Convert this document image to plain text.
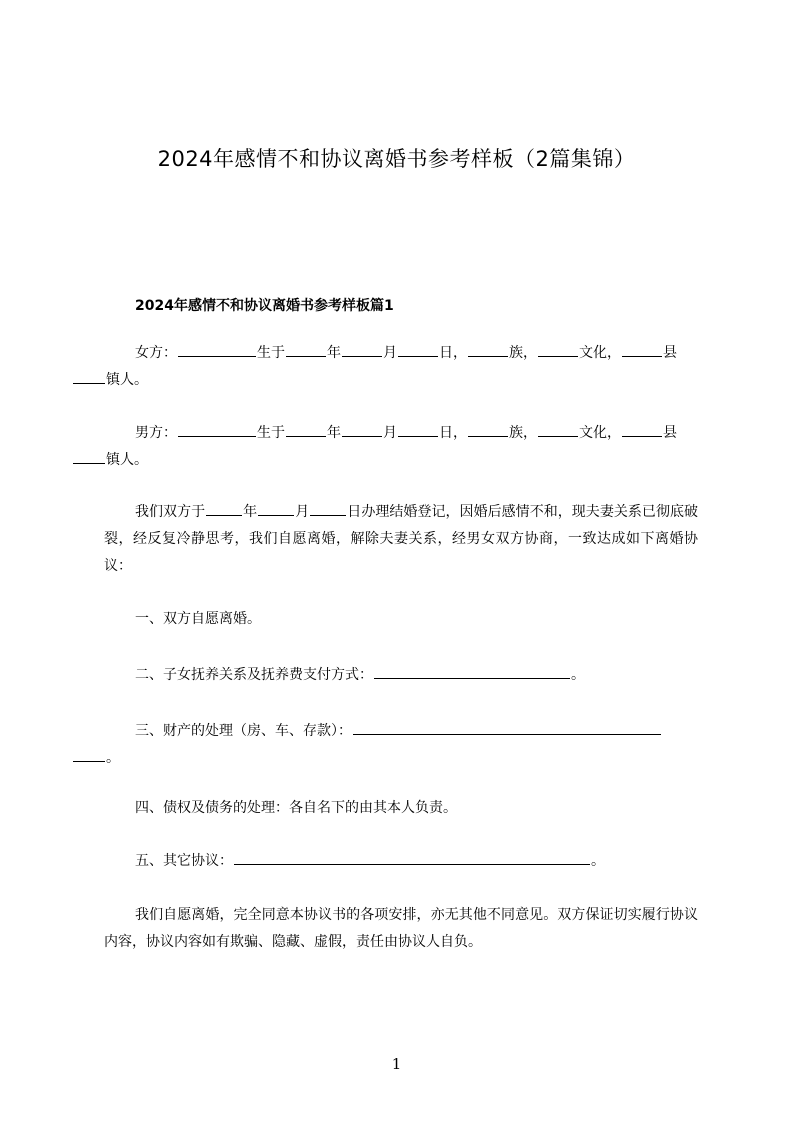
2024年感情不和协议离婚书参考样板（2篇集锦）
2024年感情不和协议离婚书参考样板篇1

女方：	生于	年	月	日，	族，	文化，	县
镇人。

男方：	生于	年	月	日，	族，	文化，	县
镇人。

我们双方于	年	月	日办理结婚登记，因婚后感情不和，现夫妻关系已彻底破裂，经反复冷静思考，我们自愿离婚，解除夫妻关系，经男女双方协商，一致达成如下离婚协议：

一、双方自愿离婚。

二、子女抚养关系及抚养费支付方式：	。

三、财产的处理（房、车、存款）：
。

四、债权及债务的处理：各自名下的由其本人负责。

五、其它协议：	。

我们自愿离婚，完全同意本协议书的各项安排，亦无其他不同意见。双方保证切实履行协议内容，协议内容如有欺骗、隐藏、虚假，责任由协议人自负。

1
